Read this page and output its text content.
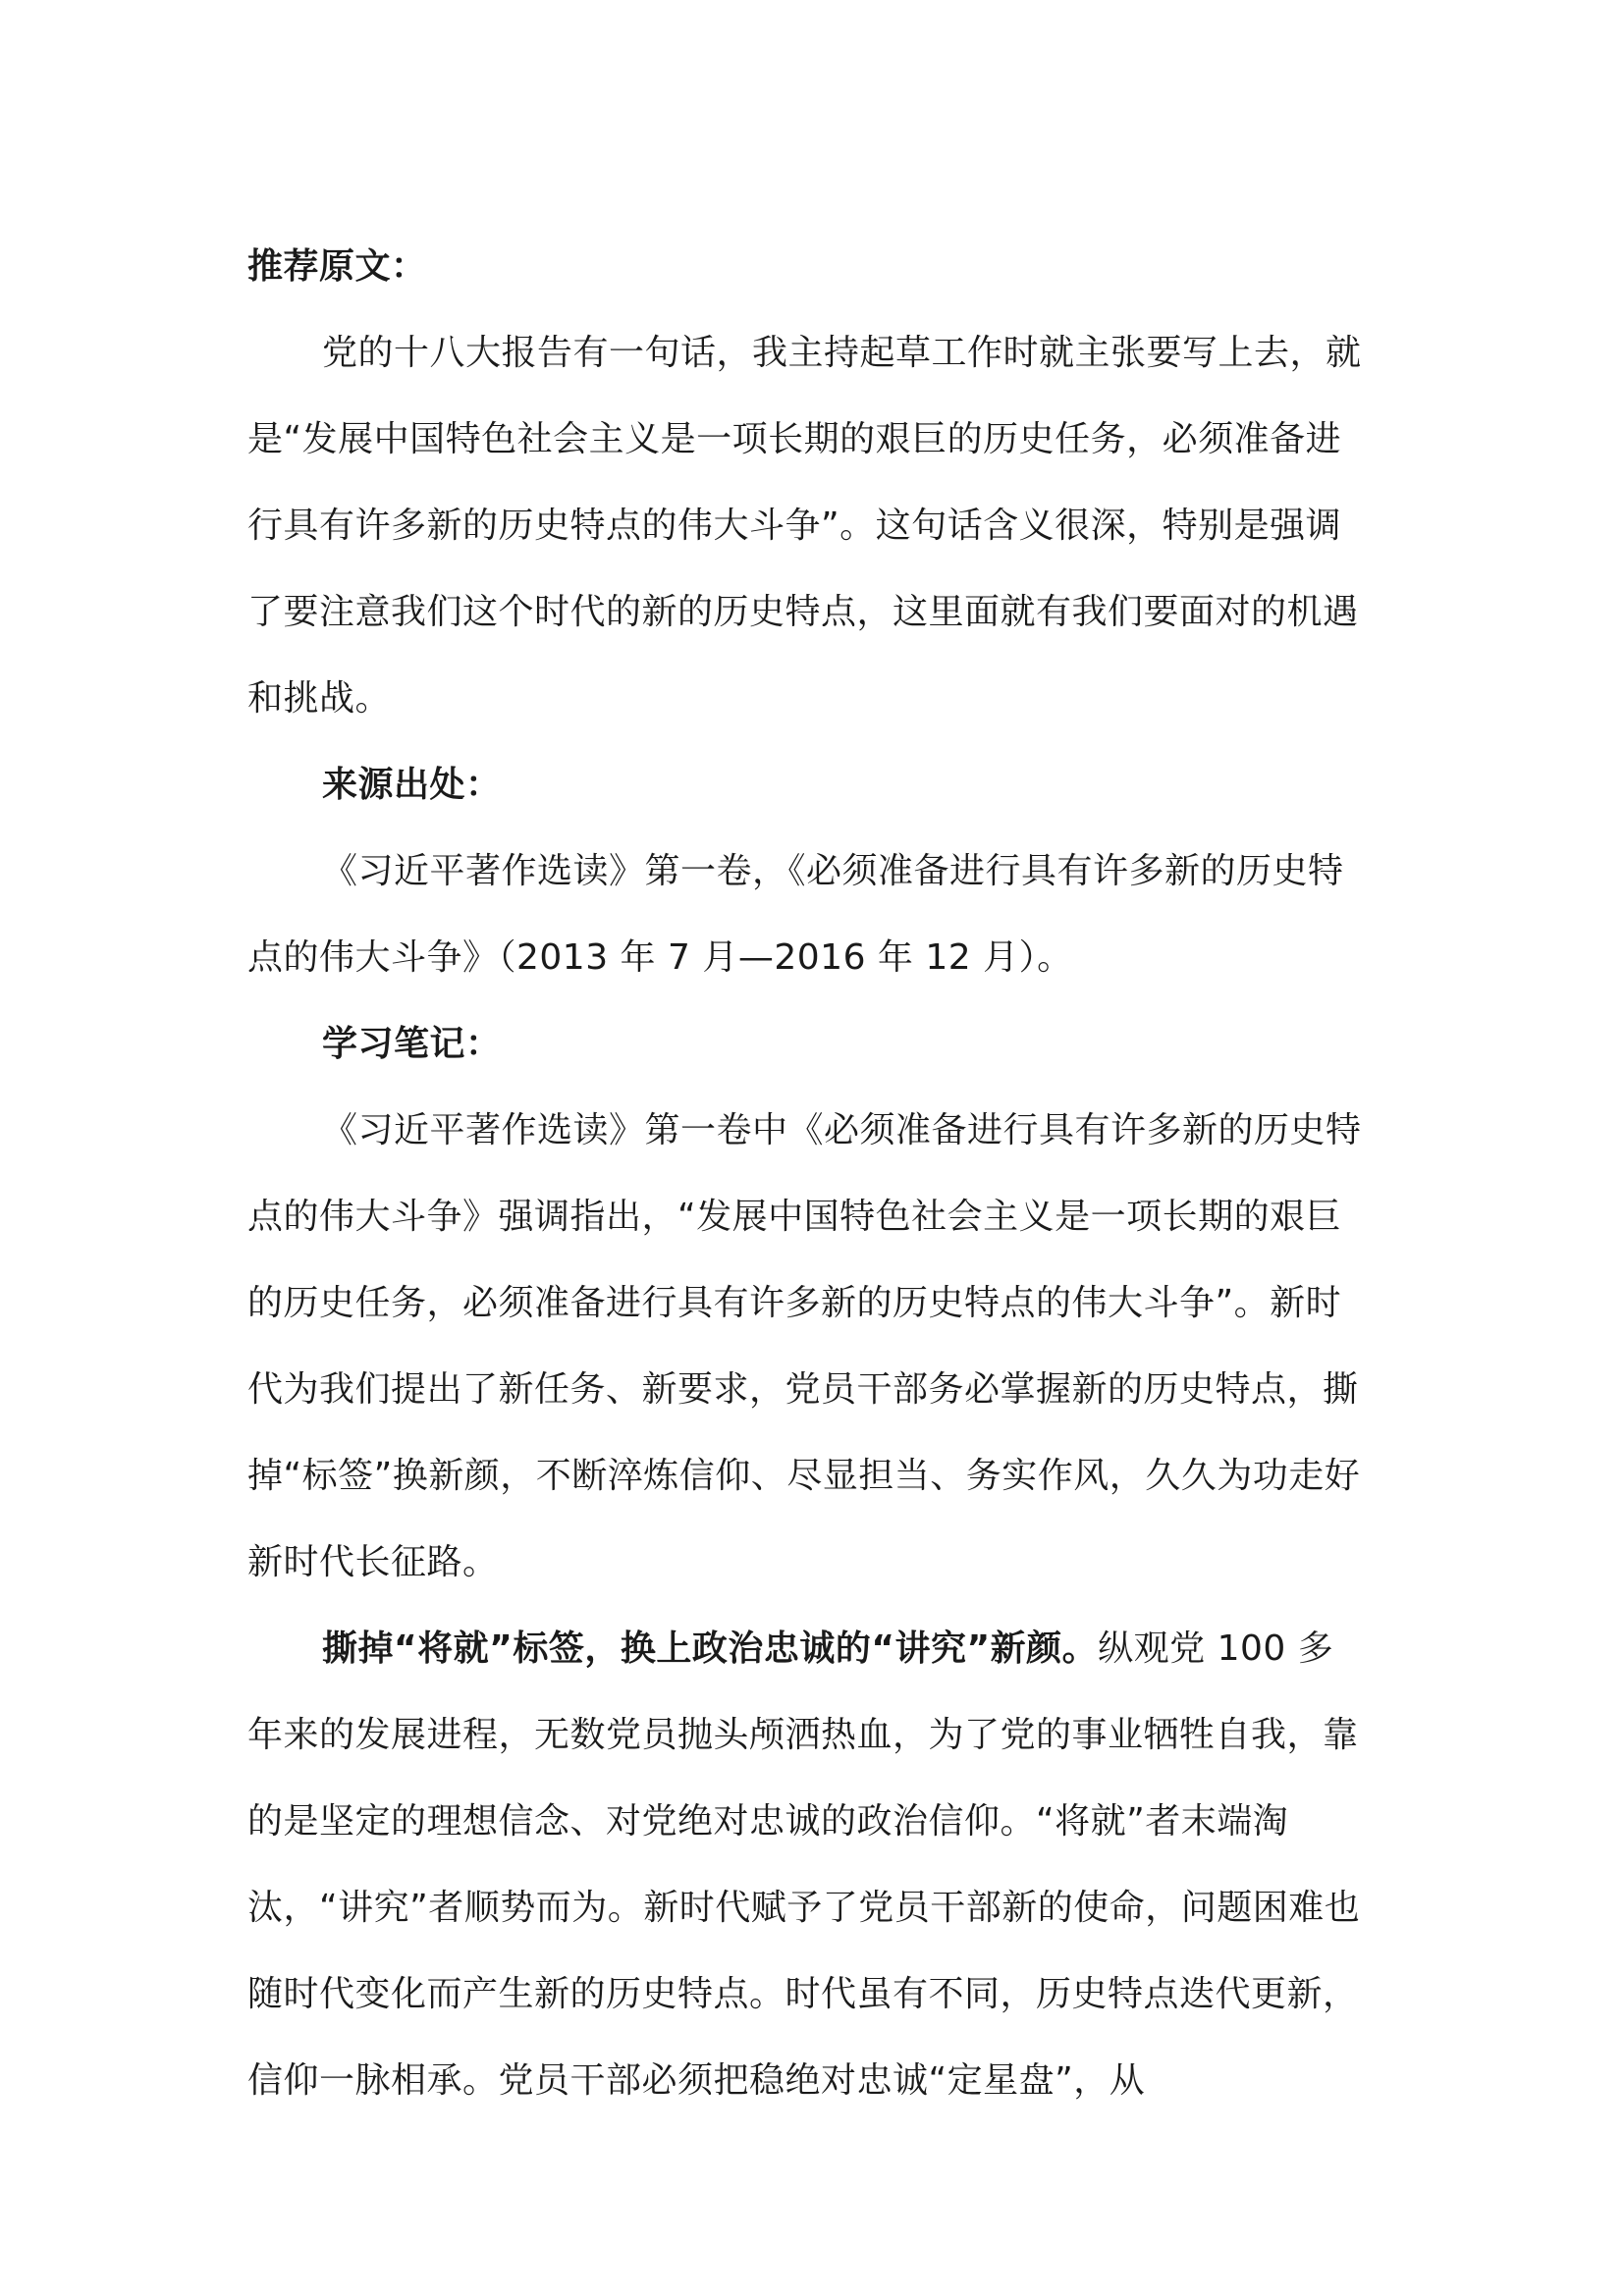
推荐原文：

党的十八大报告有一句话，我主持起草工作时就主张要写上去，就是“发展中国特色社会主义是一项长期的艰巨的历史任务，必须准备进行具有许多新的历史特点的伟大斗争”。这句话含义很深，特别是强调了要注意我们这个时代的新的历史特点，这里面就有我们要面对的机遇和挑战。

来源出处：

《习近平著作选读》第一卷，《必须准备进行具有许多新的历史特点的伟大斗争》（2013 年 7 月—2016 年 12 月）。

学习笔记：

《习近平著作选读》第一卷中《必须准备进行具有许多新的历史特点的伟大斗争》强调指出，“发展中国特色社会主义是一项长期的艰巨的历史任务，必须准备进行具有许多新的历史特点的伟大斗争”。新时代为我们提出了新任务、新要求，党员干部务必掌握新的历史特点，撕掉“标签”换新颜，不断淬炼信仰、尽显担当、务实作风，久久为功走好新时代长征路。

撕掉“将就”标签，换上政治忠诚的“讲究”新颜。纵观党 100 多年来的发展进程，无数党员抛头颅洒热血，为了党的事业牺牲自我，靠的是坚定的理想信念、对党绝对忠诚的政治信仰。“将就”者末端淘汰，“讲究”者顺势而为。新时代赋予了党员干部新的使命，问题困难也随时代变化而产生新的历史特点。时代虽有不同，历史特点迭代更新，信仰一脉相承。党员干部必须把稳绝对忠诚“定星盘”，从
